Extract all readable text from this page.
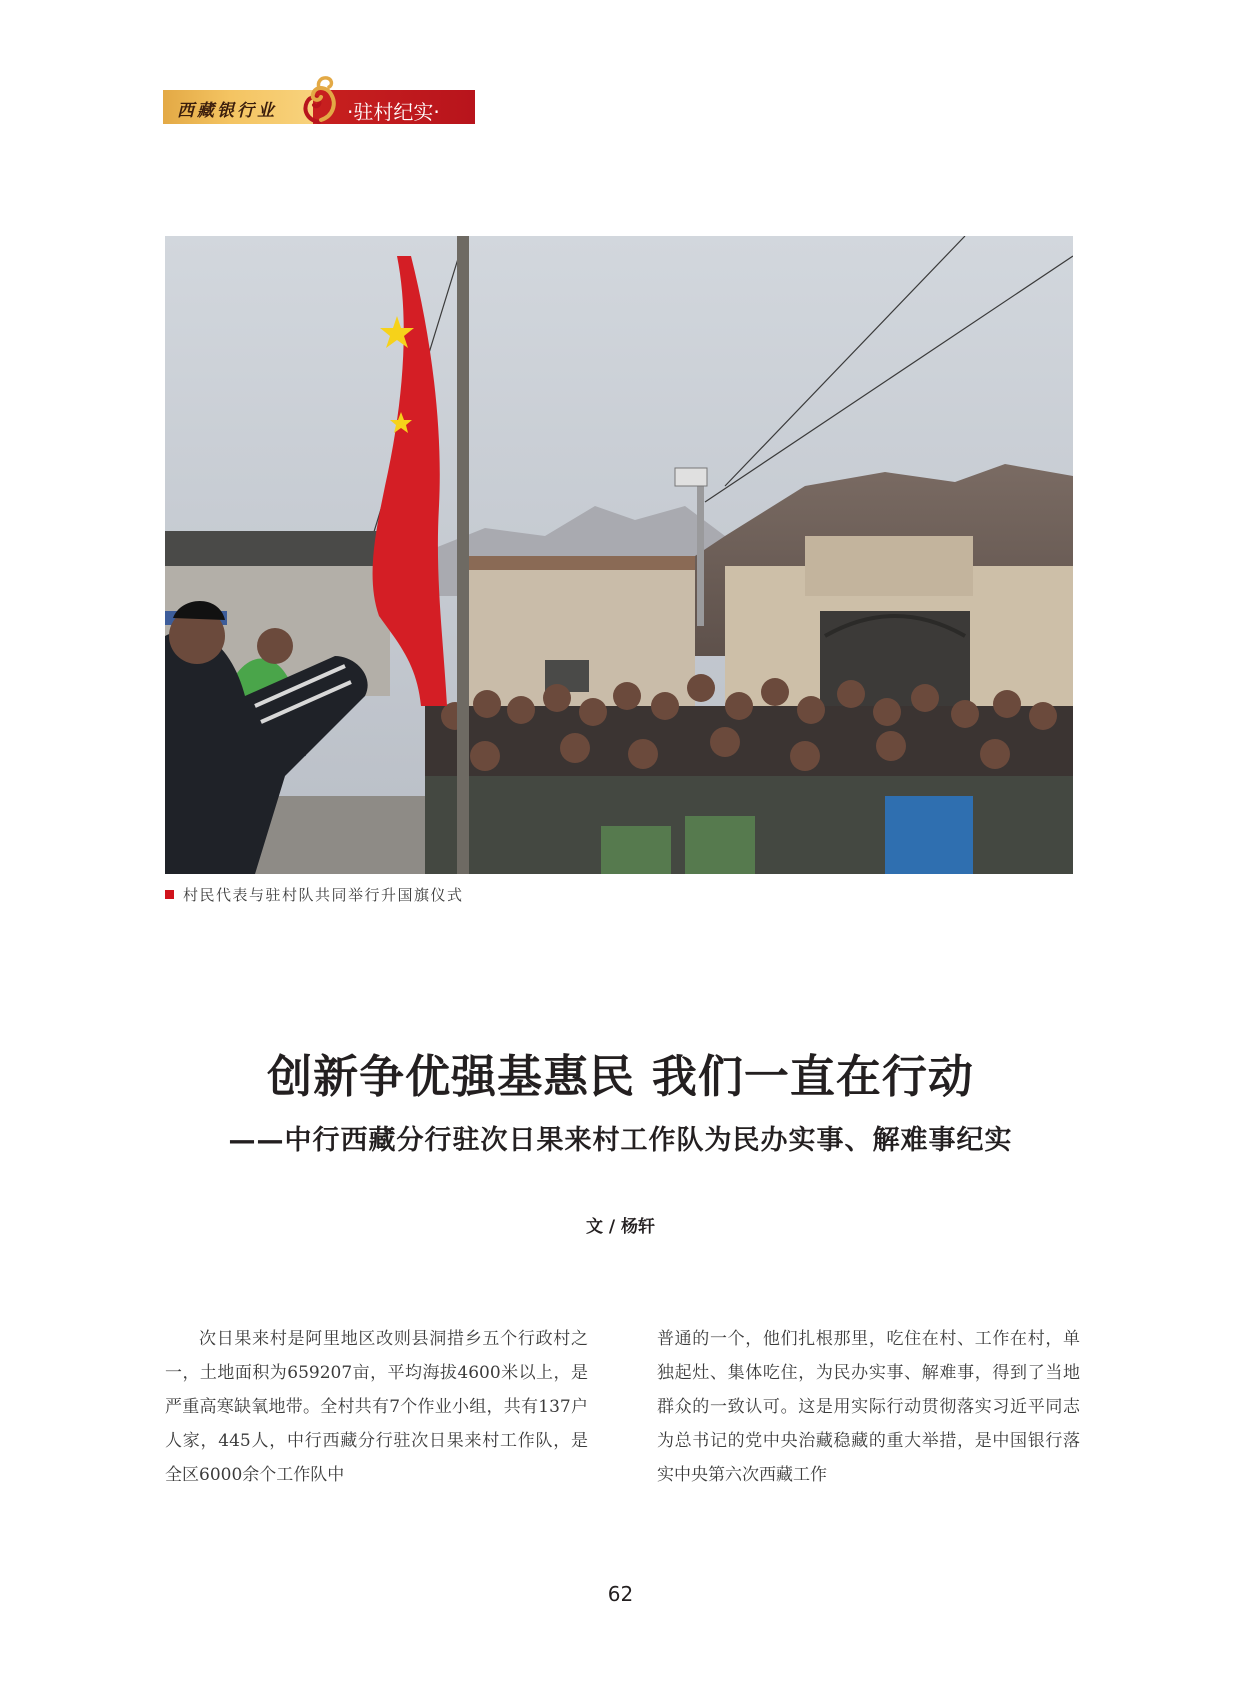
西藏银行业	·驻村纪实·
村民代表与驻村队共同举行升国旗仪式
创新争优强基惠民 我们一直在行动
——中行西藏分行驻次日果来村工作队为民办实事、解难事纪实
文 / 杨轩

次日果来村是阿里地区改则县洞措乡五个行政村之一，土地面积为659207亩，平均海拔4600米以上，是严重高寒缺氧地带。全村共有7个作业小组，共有137户人家，445人，中行西藏分行驻次日果来村工作队，是全区6000余个工作队中

普通的一个，他们扎根那里，吃住在村、工作在村，单独起灶、集体吃住，为民办实事、解难事，得到了当地群众的一致认可。这是用实际行动贯彻落实习近平同志为总书记的党中央治藏稳藏的重大举措，是中国银行落实中央第六次西藏工作

62
